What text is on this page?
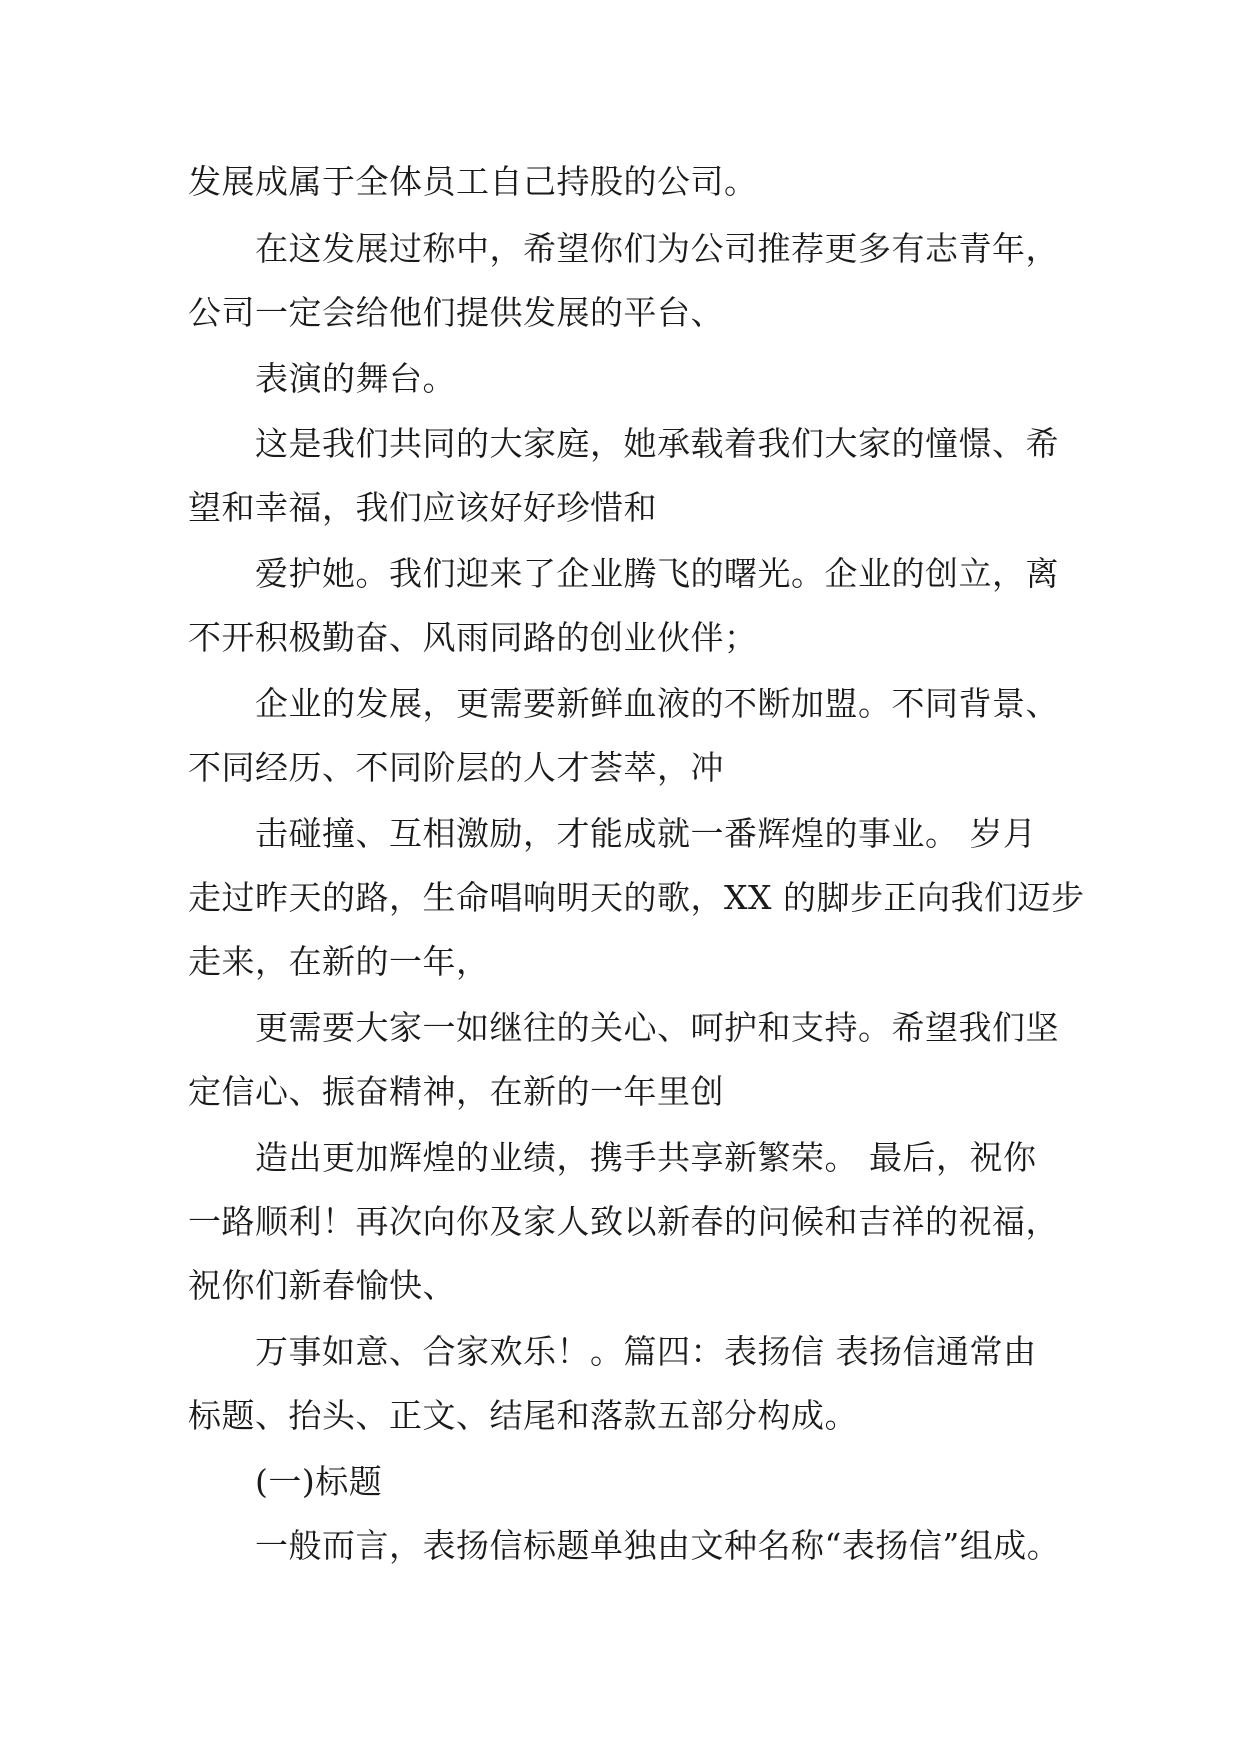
发展成属于全体员工自己持股的公司。
在这发展过称中，希望你们为公司推荐更多有志青年，
公司一定会给他们提供发展的平台、
表演的舞台。
这是我们共同的大家庭，她承载着我们大家的憧憬、希
望和幸福，我们应该好好珍惜和
爱护她。我们迎来了企业腾飞的曙光。企业的创立，离
不开积极勤奋、风雨同路的创业伙伴；
企业的发展，更需要新鲜血液的不断加盟。不同背景、
不同经历、不同阶层的人才荟萃，冲
击碰撞、互相激励，才能成就一番辉煌的事业。 岁月
走过昨天的路，生命唱响明天的歌，XX 的脚步正向我们迈步
走来，在新的一年，
更需要大家一如继往的关心、呵护和支持。希望我们坚
定信心、振奋精神，在新的一年里创
造出更加辉煌的业绩，携手共享新繁荣。 最后，祝你
一路顺利！再次向你及家人致以新春的问候和吉祥的祝福，
祝你们新春愉快、
万事如意、合家欢乐！。篇四：表扬信 表扬信通常由
标题、抬头、正文、结尾和落款五部分构成。
(一)标题
一般而言，表扬信标题单独由文种名称“表扬信”组成。
